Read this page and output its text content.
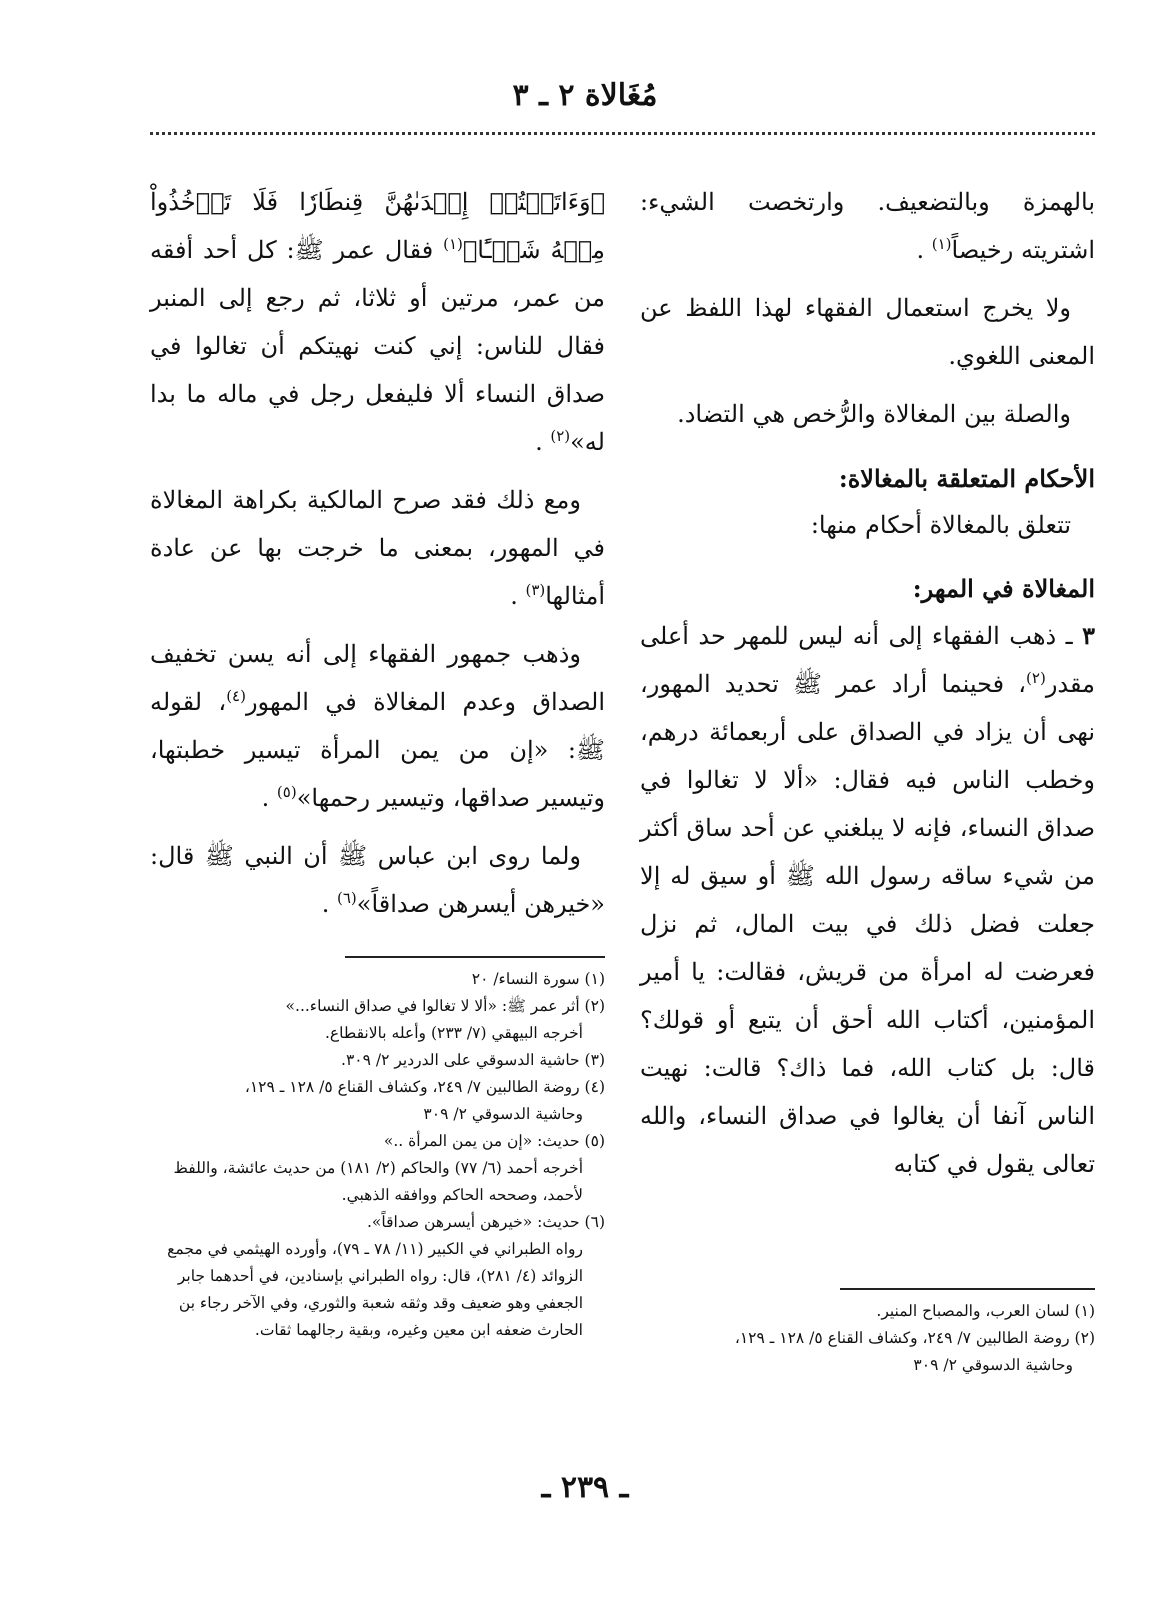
مُغَالاة ٢ ـ ٣

بالهمزة وبالتضعيف. وارتخصت الشيء: اشتريته رخيصاً$^{(١)}$ .

ولا يخرج استعمال الفقهاء لهذا اللفظ عن المعنى اللغوي.

والصلة بين المغالاة والرُّخص هي التضاد.

الأحكام المتعلقة بالمغالاة:
تتعلق بالمغالاة أحكام منها:
المغالاة في المهر:

٣ ـ ذهب الفقهاء إلى أنه ليس للمهر حد أعلى مقدر$^{(٢)}$، فحينما أراد عمر ﷺ تحديد المهور، نهى أن يزاد في الصداق على أربعمائة درهم، وخطب الناس فيه فقال: «ألا لا تغالوا في صداق النساء، فإنه لا يبلغني عن أحد ساق أكثر من شيء ساقه رسول الله ﷺ أو سيق له إلا جعلت فضل ذلك في بيت المال، ثم نزل فعرضت له امرأة من قريش، فقالت: يا أمير المؤمنين، أكتاب الله أحق أن يتبع أو قولك؟ قال: بل كتاب الله، فما ذاك؟ قالت: نهيت الناس آنفا أن يغالوا في صداق النساء، والله تعالى يقول في كتابه

﴿وَءَاتَيۡتُمۡ إِحۡدَىٰهُنَّ قِنطَارٗا فَلَا تَأۡخُذُواْ مِنۡهُ شَيۡـًٔا﴾$^{(١)}$ فقال عمر ﷺ: كل أحد أفقه من عمر، مرتين أو ثلاثا، ثم رجع إلى المنبر فقال للناس: إني كنت نهيتكم أن تغالوا في صداق النساء ألا فليفعل رجل في ماله ما بدا له»$^{(٢)}$ .

ومع ذلك فقد صرح المالكية بكراهة المغالاة في المهور، بمعنى ما خرجت بها عن عادة أمثالها$^{(٣)}$ .

وذهب جمهور الفقهاء إلى أنه يسن تخفيف الصداق وعدم المغالاة في المهور$^{(٤)}$، لقوله ﷺ: «إن من يمن المرأة تيسير خطبتها، وتيسير صداقها، وتيسير رحمها»$^{(٥)}$ .

ولما روى ابن عباس ﷺ أن النبي ﷺ قال: «خيرهن أيسرهن صداقاً»$^{(٦)}$ .

(١) سورة النساء/ ٢٠

(٢) أثر عمر ﷺ: «ألا لا تغالوا في صداق النساء...»

أخرجه البيهقي (٧/ ٢٣٣) وأعله بالانقطاع.

(٣) حاشية الدسوقي على الدردير ٢/ ٣٠٩.

(٤) روضة الطالبين ٧/ ٢٤٩، وكشاف القناع ٥/ ١٢٨ ـ ١٢٩،

وحاشية الدسوقي ٢/ ٣٠٩

(٥) حديث: «إن من يمن المرأة ..»

أخرجه أحمد (٦/ ٧٧) والحاكم (٢/ ١٨١) من حديث عائشة، واللفظ لأحمد، وصححه الحاكم ووافقه الذهبي.

(٦) حديث: «خيرهن أيسرهن صداقاً».

رواه الطبراني في الكبير (١١/ ٧٨ ـ ٧٩)، وأورده الهيثمي في مجمع الزوائد (٤/ ٢٨١)، قال: رواه الطبراني بإسنادين، في أحدهما جابر الجعفي وهو ضعيف وقد وثقه شعبة والثوري، وفي الآخر رجاء بن الحارث ضعفه ابن معين وغيره، وبقية رجالهما ثقات.

(١) لسان العرب، والمصباح المنير.

(٢) روضة الطالبين ٧/ ٢٤٩، وكشاف القناع ٥/ ١٢٨ ـ ١٢٩،

وحاشية الدسوقي ٢/ ٣٠٩

ـ ٢٣٩ ـ
